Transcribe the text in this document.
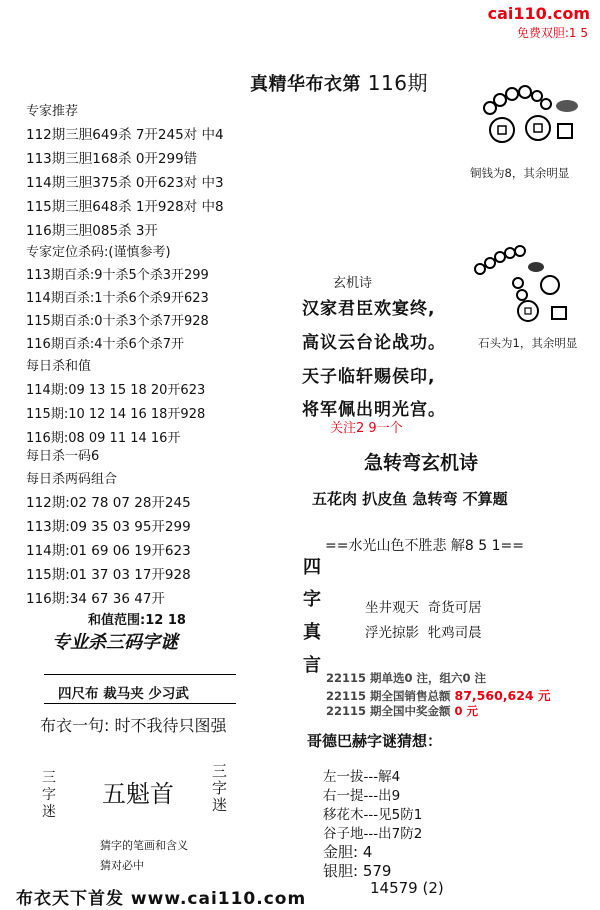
cai110.com
免费双胆:1 5
真精华布衣第 116期
专家推荐
112期三胆649杀 7开245对 中4
113期三胆168杀 0开299错
114期三胆375杀 0开623对 中3
115期三胆648杀 1开928对 中8
116期三胆085杀 3开
专家定位杀码:(谨慎参考)
113期百杀:9十杀5个杀3开299
114期百杀:1十杀6个杀9开623
115期百杀:0十杀3个杀7开928
116期百杀:4十杀6个杀7开
每日杀和值
114期:09 13 15 18 20开623
115期:10 12 14 16 18开928
116期:08 09 11 14 16开
每日杀一码6
每日杀两码组合
112期:02 78 07 28开245
113期:09 35 03 95开299
114期:01 69 06 19开623
115期:01 37 03 17开928
116期:34 67 36 47开
和值范围:12 18
专业杀三码字谜
四尺布 裁马夹 少习武
布衣一句: 时不我待只图强
三
字
迷
五魁首
三
字
迷
猜字的笔画和含义
猜对必中
布衣天下首发 www.cai110.com
铜钱为8，其余明显
石头为1，其余明显
玄机诗
汉家君臣欢宴终,
高议云台论战功。
天子临轩赐侯印,
将军佩出明光宫。
关注2 9一个
急转弯玄机诗
五花肉 扒皮鱼 急转弯 不算题
==水光山色不胜悲 解8 5 1==
四
字
真
言
坐井观天  奇货可居
浮光掠影  牝鸡司晨
22115 期单选0 注，组六0 注
22115 期全国销售总额 87,560,624 元
22115 期全国中奖金额 0 元
哥德巴赫字谜猜想：
左一拔---解4
右一提---出9
移花木---见5防1
谷子地---出7防2
金胆: 4
银胆: 579
14579 (2)
